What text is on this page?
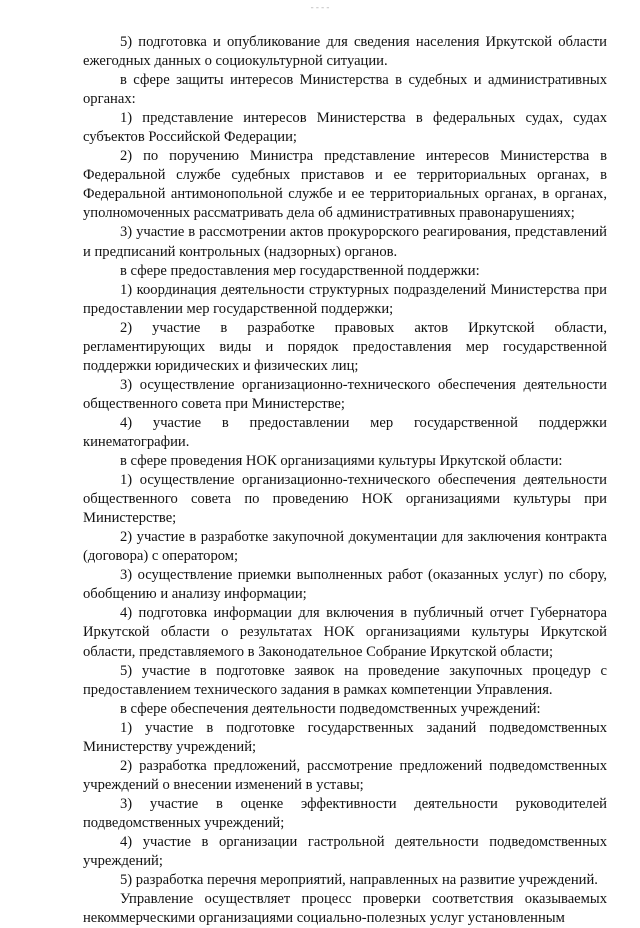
- - - -

5) подготовка и опубликование для сведения населения Иркутской области ежегодных данных о социокультурной ситуации.

в сфере защиты интересов Министерства в судебных и административных органах:

1) представление интересов Министерства в федеральных судах, судах субъектов Российской Федерации;

2) по поручению Министра представление интересов Министерства в Федеральной службе судебных приставов и ее территориальных органах, в Федеральной антимонопольной службе и ее территориальных органах, в органах, уполномоченных рассматривать дела об административных правонарушениях;

3) участие в рассмотрении актов прокурорского реагирования, представлений и предписаний контрольных (надзорных) органов.

в сфере предоставления мер государственной поддержки:

1) координация деятельности структурных подразделений Министерства при предоставлении мер государственной поддержки;

2) участие в разработке правовых актов Иркутской области, регламентирующих виды и порядок предоставления мер государственной поддержки юридических и физических лиц;

3) осуществление организационно-технического обеспечения деятельности общественного совета при Министерстве;

4) участие в предоставлении мер государственной поддержки кинематографии.

в сфере проведения НОК организациями культуры Иркутской области:

1) осуществление организационно-технического обеспечения деятельности общественного совета по проведению НОК организациями культуры при Министерстве;

2) участие в разработке закупочной документации для заключения контракта (договора) с оператором;

3) осуществление приемки выполненных работ (оказанных услуг) по сбору, обобщению и анализу информации;

4) подготовка информации для включения в публичный отчет Губернатора Иркутской области о результатах НОК организациями культуры Иркутской области, представляемого в Законодательное Собрание Иркутской области;

5) участие в подготовке заявок на проведение закупочных процедур с предоставлением технического задания в рамках компетенции Управления.

в сфере обеспечения деятельности подведомственных учреждений:

1) участие в подготовке государственных заданий подведомственных Министерству учреждений;

2) разработка предложений, рассмотрение предложений подведомственных учреждений о внесении изменений в уставы;

3) участие в оценке эффективности деятельности руководителей подведомственных учреждений;

4) участие в организации гастрольной деятельности подведомственных учреждений;

5) разработка перечня мероприятий, направленных на развитие учреждений.

Управление осуществляет процесс проверки соответствия оказываемых некоммерческими организациями социально-полезных услуг установленным
